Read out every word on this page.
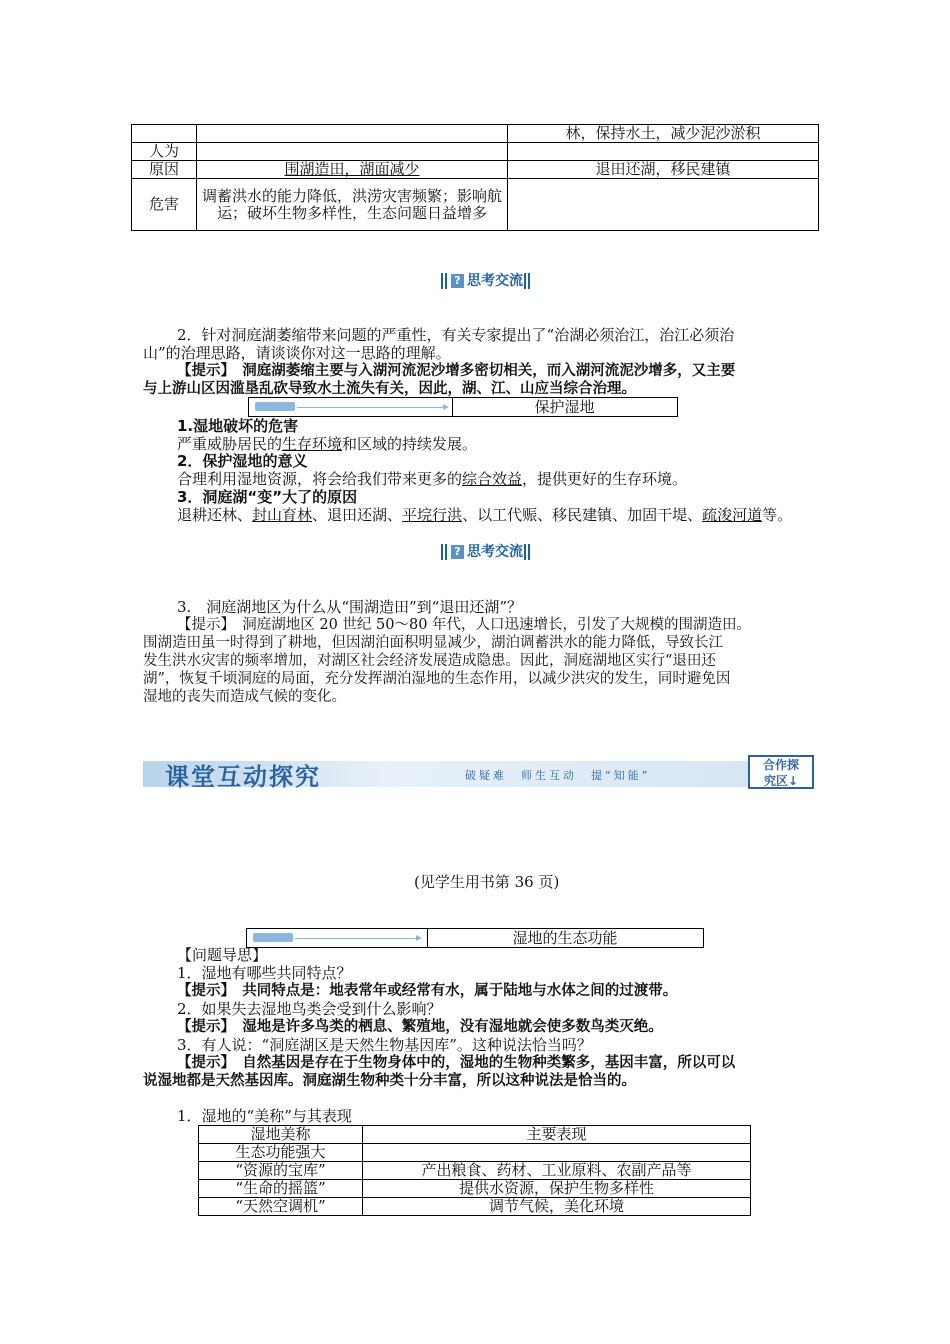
		林，保持水土，减少泥沙淤积
人为		
原因	围湖造田，湖面减少	退田还湖，移民建镇
危害	调蓄洪水的能力降低，洪涝灾害频繁；影响航运；破坏生物多样性，生态问题日益增多	
? 思考交流
2．针对洞庭湖萎缩带来问题的严重性，有关专家提出了“治湖必须治江，治江必须治
山”的治理思路，请谈谈你对这一思路的理解。
【提示】　洞庭湖萎缩主要与入湖河流泥沙增多密切相关，而入湖河流泥沙增多，又主要
与上游山区因滥垦乱砍导致水土流失有关，因此，湖、江、山应当综合治理。
保护湿地
1.湿地破坏的危害
严重威胁居民的生存环境和区域的持续发展。
2．保护湿地的意义
合理利用湿地资源，将会给我们带来更多的综合效益，提供更好的生存环境。
3．洞庭湖“变”大了的原因
退耕还林、封山育林、退田还湖、平垸行洪、以工代赈、移民建镇、加固干堤、疏浚河道等。
? 思考交流
3.　洞庭湖地区为什么从“围湖造田”到“退田还湖”？
【提示】　洞庭湖地区 20 世纪 50～80 年代，人口迅速增长，引发了大规模的围湖造田。
围湖造田虽一时得到了耕地，但因湖泊面积明显减少，湖泊调蓄洪水的能力降低，导致长江
发生洪水灾害的频率增加，对湖区社会经济发展造成隐患。因此，洞庭湖地区实行“退田还
湖”，恢复千顷洞庭的局面，充分发挥湖泊湿地的生态作用，以减少洪灾的发生，同时避免因
湿地的丧失而造成气候的变化。
课堂互动探究	破疑难　师生互动　提“知能”
合作探
究区↓
(见学生用书第 36 页)
湿地的生态功能
【问题导思】
1．湿地有哪些共同特点？
【提示】　共同特点是：地表常年或经常有水，属于陆地与水体之间的过渡带。
2．如果失去湿地鸟类会受到什么影响？
【提示】　湿地是许多鸟类的栖息、繁殖地，没有湿地就会使多数鸟类灭绝。
3．有人说：“洞庭湖区是天然生物基因库”。这种说法恰当吗？
【提示】　自然基因是存在于生物身体中的，湿地的生物种类繁多，基因丰富，所以可以
说湿地都是天然基因库。洞庭湖生物种类十分丰富，所以这种说法是恰当的。
1．湿地的“美称”与其表现
湿地美称	主要表现
生态功能强大	
“资源的宝库”	产出粮食、药材、工业原料、农副产品等
“生命的摇篮”	提供水资源，保护生物多样性
“天然空调机”	调节气候，美化环境
